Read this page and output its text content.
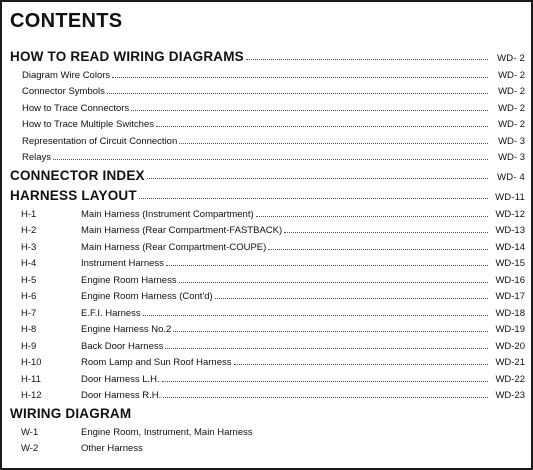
CONTENTS
HOW TO READ WIRING DIAGRAMS	WD- 2
Diagram Wire Colors	WD- 2
Connector Symbols	WD- 2
How to Trace Connectors	WD- 2
How to Trace Multiple Switches	WD- 2
Representation of Circuit Connection	WD- 3
Relays	WD- 3
CONNECTOR INDEX	WD- 4
HARNESS LAYOUT	WD-11
H-1	Main Harness (Instrument Compartment)	WD-12
H-2	Main Harness (Rear Compartment-FASTBACK)	WD-13
H-3	Main Harness (Rear Compartment-COUPE)	WD-14
H-4	Instrument Harness	WD-15
H-5	Engine Room Harness	WD-16
H-6	Engine Room Harness (Cont'd)	WD-17
H-7	E.F.I. Harness	WD-18
H-8	Engine Harness No.2	WD-19
H-9	Back Door Harness	WD-20
H-10	Room Lamp and Sun Roof Harness	WD-21
H-11	Door Harness L.H.	WD-22
H-12	Door Harness R.H.	WD-23
WIRING DIAGRAM
W-1	Engine Room, Instrument, Main Harness
W-2	Other Harness
